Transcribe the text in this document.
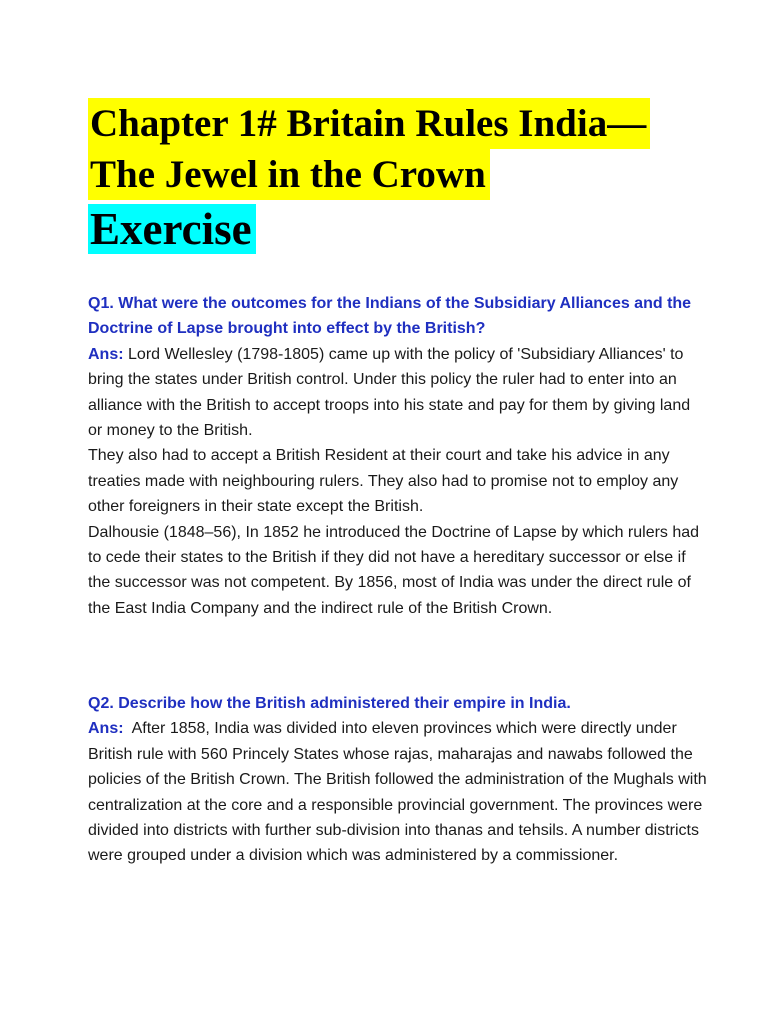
Chapter 1# Britain Rules India—
The Jewel in the Crown
Exercise

Q1. What were the outcomes for the Indians of the Subsidiary Alliances and the Doctrine of Lapse brought into effect by the British?

Ans: Lord Wellesley (1798-1805) came up with the policy of 'Subsidiary Alliances' to bring the states under British control. Under this policy the ruler had to enter into an alliance with the British to accept troops into his state and pay for them by giving land or money to the British.

They also had to accept a British Resident at their court and take his advice in any treaties made with neighbouring rulers. They also had to promise not to employ any other foreigners in their state except the British.

Dalhousie (1848–56), In 1852 he introduced the Doctrine of Lapse by which rulers had to cede their states to the British if they did not have a hereditary successor or else if the successor was not competent. By 1856, most of India was under the direct rule of the East India Company and the indirect rule of the British Crown.

Q2. Describe how the British administered their empire in India.

Ans: After 1858, India was divided into eleven provinces which were directly under British rule with 560 Princely States whose rajas, maharajas and nawabs followed the policies of the British Crown. The British followed the administration of the Mughals with centralization at the core and a responsible provincial government. The provinces were divided into districts with further sub-division into thanas and tehsils. A number districts were grouped under a division which was administered by a commissioner.
